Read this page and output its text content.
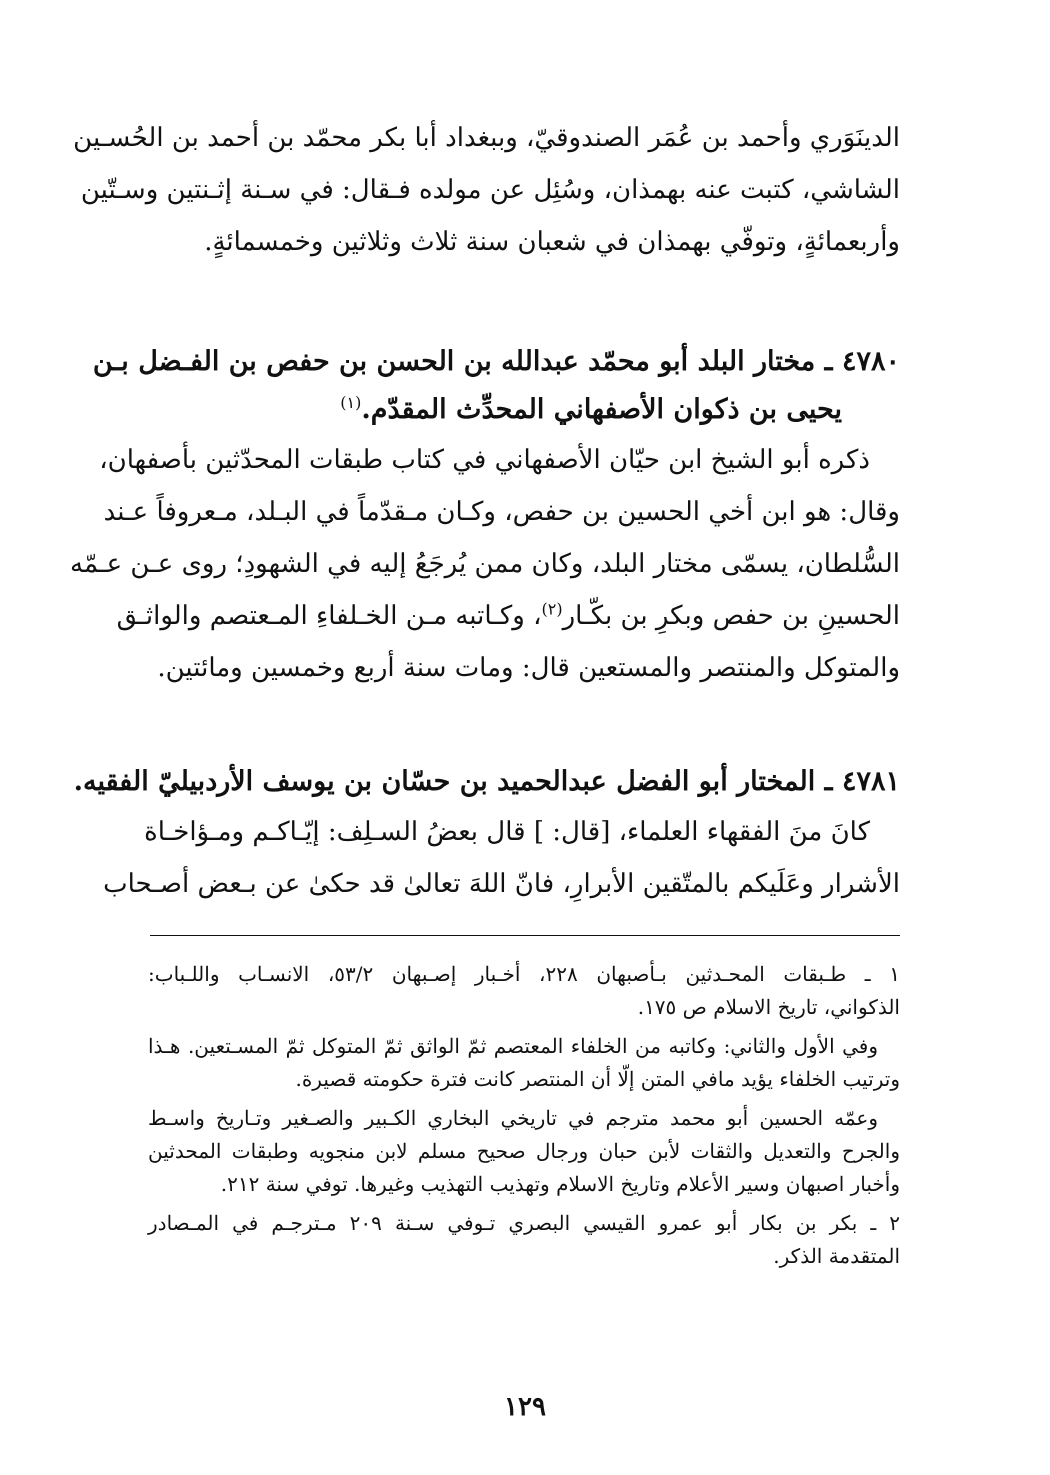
الدينَوَري وأحمد بن عُمَر الصندوقيّ، وببغداد أبا بكر محمّد بن أحمد بن الحُسـين
الشاشي، كتبت عنه بهمذان، وسُئِل عن مولده فـقال: في سـنة إثـنتين وسـتّين
وأربعمائةٍ، وتوفّي بهمذان في شعبان سنة ثلاث وثلاثين وخمسمائةٍ.

٤٧٨٠ ـ مختار البلد أبو محمّد عبدالله بن الحسن بن حفص بن الفـضل بـن
يحيى بن ذكوان الأصفهاني المحدِّث المقدّم.$^{(١)}$

ذكره أبو الشيخ ابن حيّان الأصفهاني في كتاب طبقات المحدّثين بأصفهان،
وقال: هو ابن أخي الحسين بن حفص، وكـان مـقدّماً في البـلد، مـعروفاً عـند
السُّلطان، يسمّى مختار البلد، وكان ممن يُرجَعُ إليه في الشهودِ؛ روى عـن عـمّه
الحسينِ بن حفص وبكرِ بن بكّـار$^{(٢)}$، وكـاتبه مـن الخـلفاءِ المـعتصم والواثـق
والمتوكل والمنتصر والمستعين قال: ومات سنة أربع وخمسين ومائتين.

٤٧٨١ ـ المختار أبو الفضل عبدالحميد بن حسّان بن يوسف الأردبيليّ الفقيه.

كانَ منَ الفقهاء العلماء، [قال: ] قال بعضُ السـلِف: إيّـاكـم ومـؤاخـاة
الأشرار وعَلَيكم بالمتّقين الأبرارِ، فانّ اللهَ تعالىٰ قد حكىٰ عن بـعض أصـحاب

١ ـ طـبقات المحـدثين بـأصبهان ٢٢٨، أخـبار إصـبهان ٥٣/٢، الانسـاب واللـباب:
الذكواني، تاريخ الاسلام ص ١٧٥.

وفي الأول والثاني: وكاتبه من الخلفاء المعتصم ثمّ الواثق ثمّ المتوكل ثمّ المسـتعين. هـذا
وترتيب الخلفاء يؤيد مافي المتن إلّا أن المنتصر كانت فترة حكومته قصيرة.

وعمّه الحسين أبو محمد مترجم في تاريخي البخاري الكـبير والصـغير وتـاريخ واسـط
والجرح والتعديل والثقات لأبن حبان ورجال صحيح مسلم لابن منجويه وطبقات المحدثين
وأخبار اصبهان وسير الأعلام وتاريخ الاسلام وتهذيب التهذيب وغيرها. توفي سنة ٢١٢.

٢ ـ بكر بن بكار أبو عمرو القيسي البصري تـوفي سـنة ٢٠٩ مـترجـم في المـصادر
المتقدمة الذكر.

١٢٩
